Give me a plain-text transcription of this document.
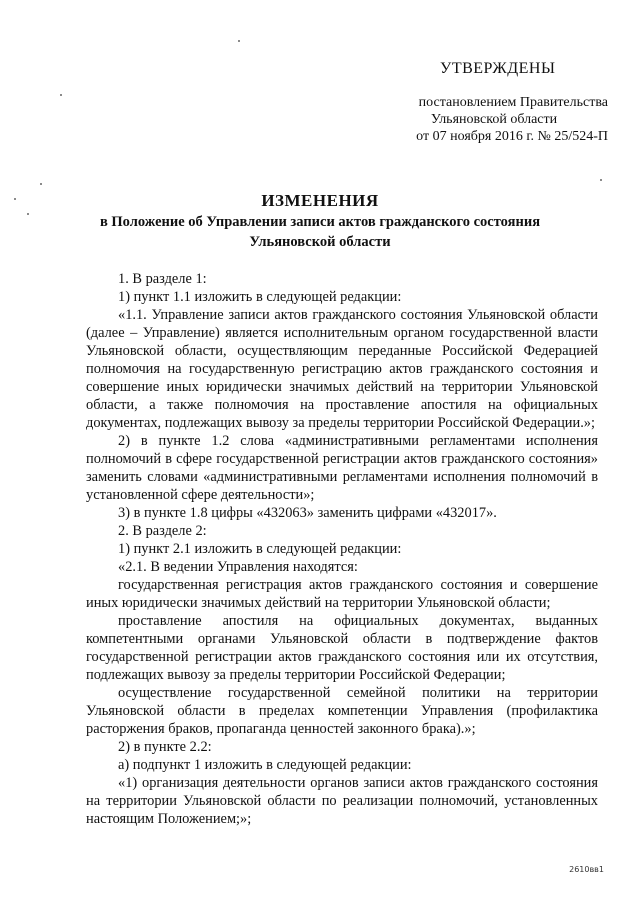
УТВЕРЖДЕНЫ
постановлением Правительства
Ульяновской области
от 07 ноября 2016 г. № 25/524-П
ИЗМЕНЕНИЯ
в Положение об Управлении записи актов гражданского состояния
Ульяновской области

1. В разделе 1:

1) пункт 1.1 изложить в следующей редакции:

«1.1. Управление записи актов гражданского состояния Ульяновской области (далее – Управление) является исполнительным органом государственной власти Ульяновской области, осуществляющим переданные Российской Федерацией полномочия на государственную регистрацию актов гражданского состояния и совершение иных юридически значимых действий на территории Ульяновской области, а также полномочия на проставление апостиля на официальных документах, подлежащих вывозу за пределы территории Российской Федерации.»;

2) в пункте 1.2 слова «административными регламентами исполнения полномочий в сфере государственной регистрации актов гражданского состояния» заменить словами «административными регламентами исполнения полномочий в установленной сфере деятельности»;

3) в пункте 1.8 цифры «432063» заменить цифрами «432017».

2. В разделе 2:

1) пункт 2.1 изложить в следующей редакции:

«2.1. В ведении Управления находятся:

государственная регистрация актов гражданского состояния и совершение иных юридически значимых действий на территории Ульяновской области;

проставление апостиля на официальных документах, выданных компетентными органами Ульяновской области в подтверждение фактов государственной регистрации актов гражданского состояния или их отсутствия, подлежащих вывозу за пределы территории Российской Федерации;

осуществление государственной семейной политики на территории Ульяновской области в пределах компетенции Управления (профилактика расторжения браков, пропаганда ценностей законного брака).»;

2) в пункте 2.2:

а) подпункт 1 изложить в следующей редакции:

«1) организация деятельности органов записи актов гражданского состояния на территории Ульяновской области по реализации полномочий, установленных настоящим Положением;»;

2610вв1
